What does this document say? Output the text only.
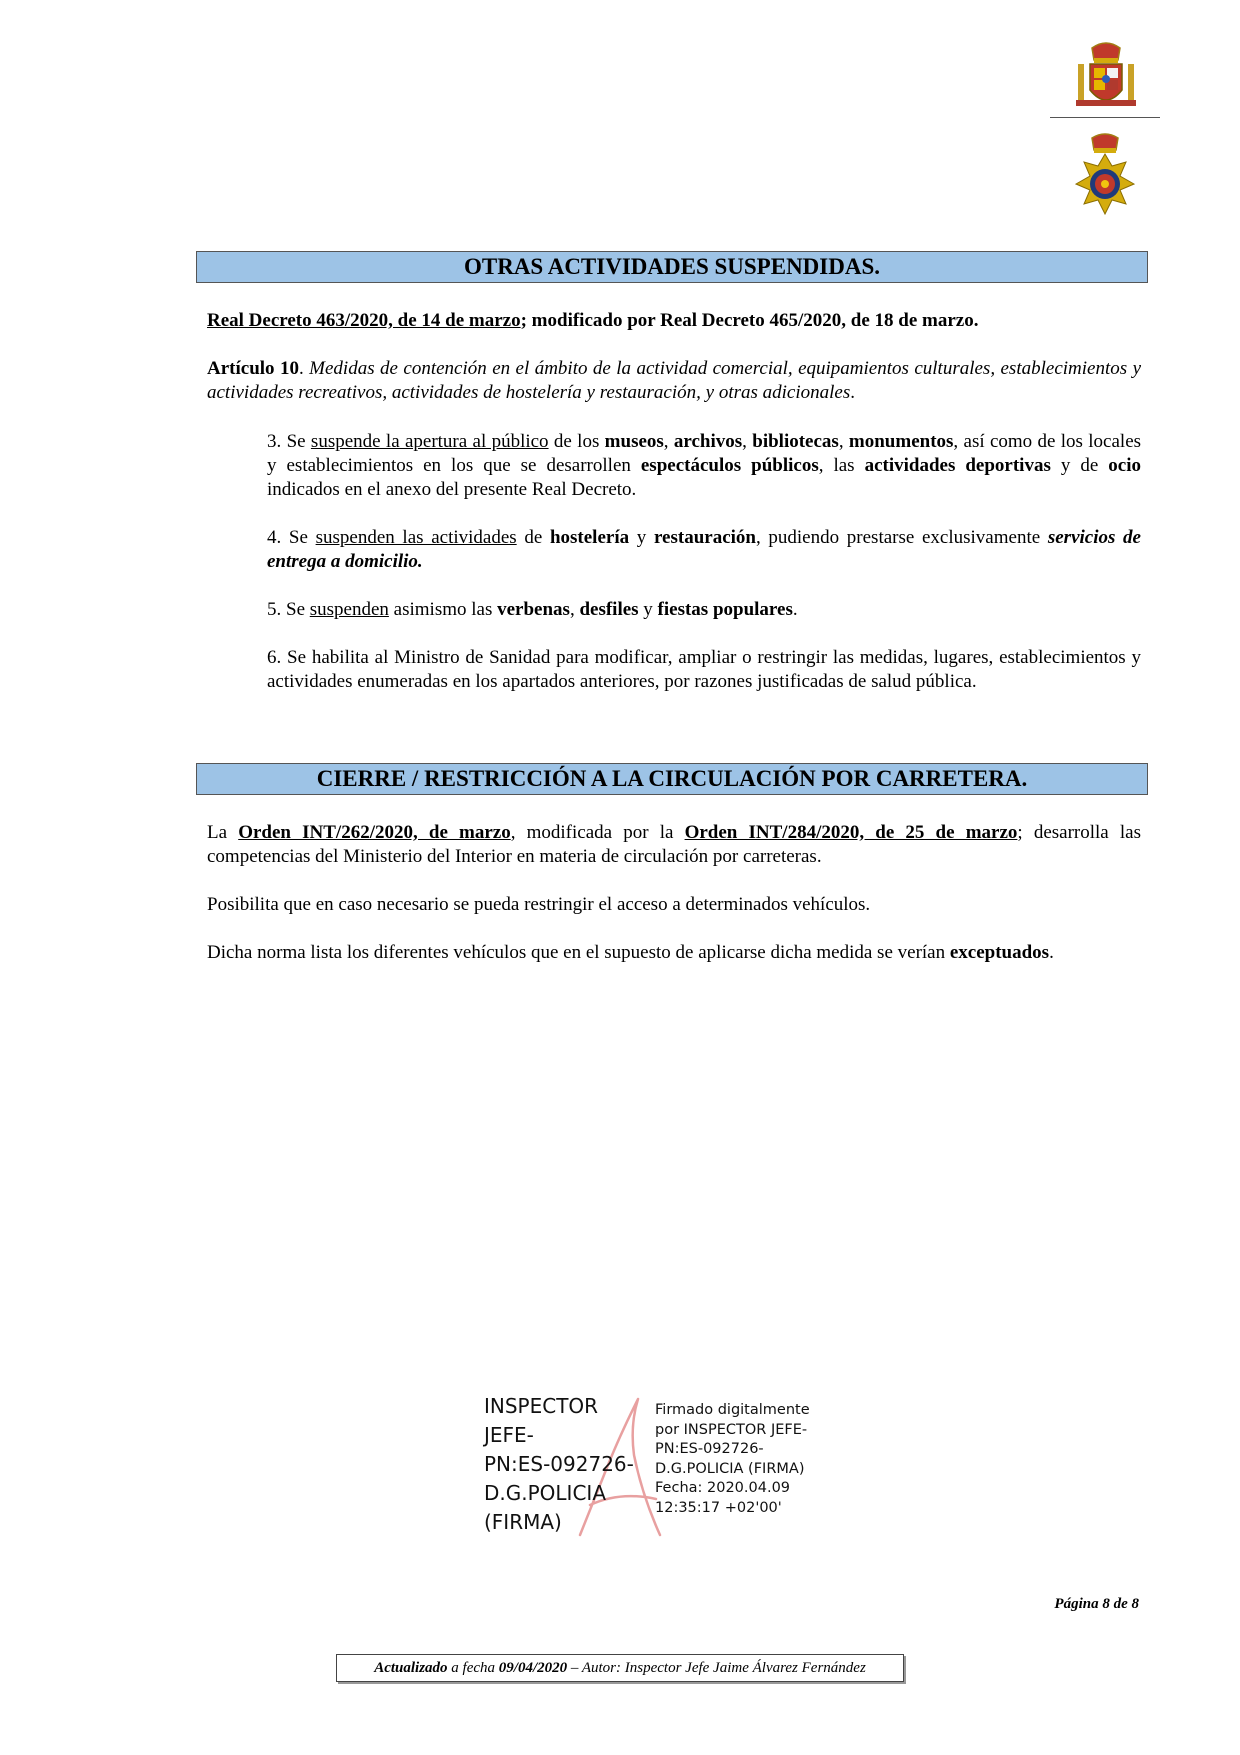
OTRAS ACTIVIDADES SUSPENDIDAS.
Real Decreto 463/2020, de 14 de marzo; modificado por Real Decreto 465/2020, de 18 de marzo.
Artículo 10. Medidas de contención en el ámbito de la actividad comercial, equipamientos culturales, establecimientos y actividades recreativos, actividades de hostelería y restauración, y otras adicionales.
3. Se suspende la apertura al público de los museos, archivos, bibliotecas, monumentos, así como de los locales y establecimientos en los que se desarrollen espectáculos públicos, las actividades deportivas y de ocio indicados en el anexo del presente Real Decreto.
4. Se suspenden las actividades de hostelería y restauración, pudiendo prestarse exclusivamente servicios de entrega a domicilio.
5. Se suspenden asimismo las verbenas, desfiles y fiestas populares.
6. Se habilita al Ministro de Sanidad para modificar, ampliar o restringir las medidas, lugares, establecimientos y actividades enumeradas en los apartados anteriores, por razones justificadas de salud pública.
CIERRE / RESTRICCIÓN A LA CIRCULACIÓN POR CARRETERA.
La Orden INT/262/2020, de marzo, modificada por la Orden INT/284/2020, de 25 de marzo; desarrolla las competencias del Ministerio del Interior en materia de circulación por carreteras.
Posibilita que en caso necesario se pueda restringir el acceso a determinados vehículos.
Dicha norma lista los diferentes vehículos que en el supuesto de aplicarse dicha medida se verían exceptuados.
INSPECTOR
JEFE-
PN:ES-092726-
D.G.POLICIA
(FIRMA)
Firmado digitalmente
por INSPECTOR JEFE-
PN:ES-092726-
D.G.POLICIA (FIRMA)
Fecha: 2020.04.09
12:35:17 +02'00'
Página 8 de 8
Actualizado a fecha 09/04/2020 – Autor: Inspector Jefe Jaime Álvarez Fernández
